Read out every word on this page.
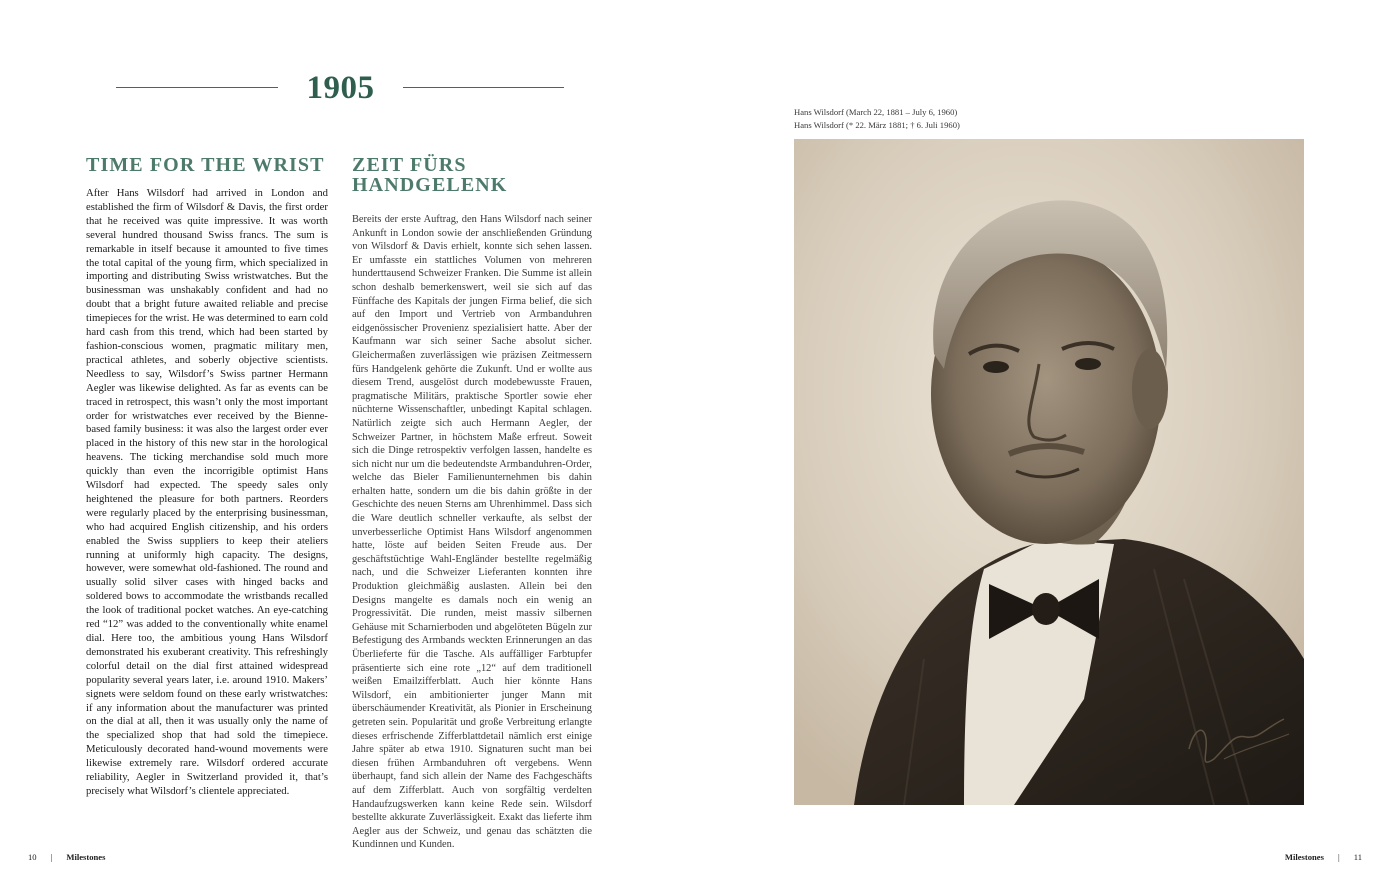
1905
TIME FOR THE WRIST

After Hans Wilsdorf had arrived in London and established the firm of Wilsdorf & Davis, the first order that he received was quite impressive. It was worth several hundred thousand Swiss francs. The sum is remarkable in itself because it amounted to five times the total capital of the young firm, which specialized in importing and distributing Swiss wristwatches. But the businessman was unshakably confident and had no doubt that a bright future awaited reliable and precise timepieces for the wrist. He was determined to earn cold hard cash from this trend, which had been started by fashion-conscious women, pragmatic military men, practical athletes, and soberly objective scientists. Needless to say, Wilsdorf’s Swiss partner Hermann Aegler was likewise delighted. As far as events can be traced in retrospect, this wasn’t only the most important order for wristwatches ever received by the Bienne-based family business: it was also the largest order ever placed in the history of this new star in the horological heavens. The ticking merchandise sold much more quickly than even the incorrigible optimist Hans Wilsdorf had expected. The speedy sales only heightened the pleasure for both partners. Reorders were regularly placed by the enterprising businessman, who had acquired English citizenship, and his orders enabled the Swiss suppliers to keep their ateliers running at uniformly high capacity. The designs, however, were somewhat old-fashioned. The round and usually solid silver cases with hinged backs and soldered bows to accommodate the wristbands recalled the look of traditional pocket watches. An eye-catching red “12” was added to the conventionally white enamel dial. Here too, the ambitious young Hans Wilsdorf demonstrated his exuberant creativity. This refreshingly colorful detail on the dial first attained widespread popularity several years later, i.e. around 1910. Makers’ signets were seldom found on these early wristwatches: if any information about the manufacturer was printed on the dial at all, then it was usually only the name of the specialized shop that had sold the timepiece. Meticulously decorated hand-wound movements were likewise extremely rare. Wilsdorf ordered accurate reliability, Aegler in Switzerland provided it, that’s precisely what Wilsdorf’s clientele appreciated.

ZEIT FÜRS HANDGELENK

Bereits der erste Auftrag, den Hans Wilsdorf nach seiner Ankunft in London sowie der anschließenden Gründung von Wilsdorf & Davis erhielt, konnte sich sehen lassen. Er umfasste ein stattliches Volumen von mehreren hunderttausend Schweizer Franken. Die Summe ist allein schon deshalb bemerkenswert, weil sie sich auf das Fünffache des Kapitals der jungen Firma belief, die sich auf den Import und Vertrieb von Armbanduhren eidgenössischer Provenienz spezialisiert hatte. Aber der Kaufmann war sich seiner Sache absolut sicher. Gleichermaßen zuverlässigen wie präzisen Zeitmessern fürs Handgelenk gehörte die Zukunft. Und er wollte aus diesem Trend, ausgelöst durch modebewusste Frauen, pragmatische Militärs, praktische Sportler sowie eher nüchterne Wissenschaftler, unbedingt Kapital schlagen. Natürlich zeigte sich auch Hermann Aegler, der Schweizer Partner, in höchstem Maße erfreut. Soweit sich die Dinge retrospektiv verfolgen lassen, handelte es sich nicht nur um die bedeutendste Armbanduhren-Order, welche das Bieler Familienunternehmen bis dahin erhalten hatte, sondern um die bis dahin größte in der Geschichte des neuen Sterns am Uhrenhimmel. Dass sich die Ware deutlich schneller verkaufte, als selbst der unverbesserliche Optimist Hans Wilsdorf angenommen hatte, löste auf beiden Seiten Freude aus. Der geschäftstüchtige Wahl-Engländer bestellte regelmäßig nach, und die Schweizer Lieferanten konnten ihre Produktion gleichmäßig auslasten. Allein bei den Designs mangelte es damals noch ein wenig an Progressivität. Die runden, meist massiv silbernen Gehäuse mit Scharnierboden und abgelöteten Bügeln zur Befestigung des Armbands weckten Erinnerungen an das Überlieferte für die Tasche. Als auffälliger Farbtupfer präsentierte sich eine rote „12“ auf dem traditionell weißen Emailzifferblatt. Auch hier könnte Hans Wilsdorf, ein ambitionierter junger Mann mit überschäumender Kreativität, als Pionier in Erscheinung getreten sein. Popularität und große Verbreitung erlangte dieses erfrischende Zifferblattdetail nämlich erst einige Jahre später ab etwa 1910. Signaturen sucht man bei diesen frühen Armbanduhren oft vergebens. Wenn überhaupt, fand sich allein der Name des Fachgeschäfts auf dem Zifferblatt. Auch von sorgfältig verdelten Handaufzugswerken kann keine Rede sein. Wilsdorf bestellte akkurate Zuverlässigkeit. Exakt das lieferte ihm Aegler aus der Schweiz, und genau das schätzten die Kundinnen und Kunden.

Hans Wilsdorf (March 22, 1881 – July 6, 1960)
Hans Wilsdorf (* 22. März 1881; † 6. Juli 1960)
10 | Milestones	Milestones | 11
